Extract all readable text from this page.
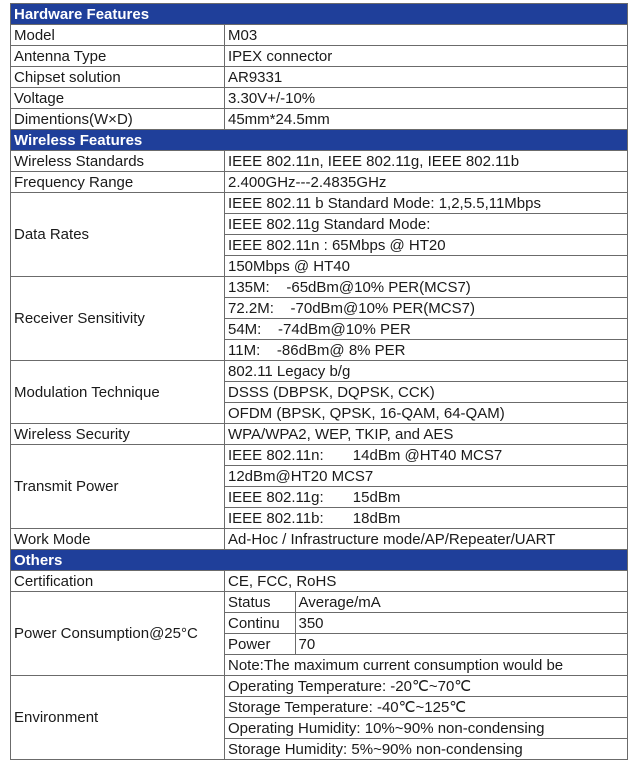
Hardware Features
Model	M03
Antenna Type	IPEX connector
Chipset solution	AR9331
Voltage	3.30V+/-10%
Dimentions(W×D)	45mm*24.5mm
Wireless Features
Wireless Standards	IEEE 802.11n, IEEE 802.11g, IEEE 802.11b
Frequency Range	2.400GHz---2.4835GHz
Data Rates	IEEE 802.11 b Standard Mode: 1,2,5.5,11Mbps
IEEE 802.11g Standard Mode:
IEEE 802.11n : 65Mbps @ HT20
150Mbps @ HT40
Receiver Sensitivity	135M:    -65dBm@10% PER(MCS7)
72.2M:    -70dBm@10% PER(MCS7)
54M:    -74dBm@10% PER
11M:    -86dBm@ 8% PER
Modulation Technique	802.11 Legacy b/g
DSSS (DBPSK, DQPSK, CCK)
OFDM (BPSK, QPSK, 16-QAM, 64-QAM)
Wireless Security	WPA/WPA2, WEP, TKIP, and AES
Transmit Power	IEEE 802.11n:       14dBm @HT40 MCS7
12dBm@HT20 MCS7
IEEE 802.11g:       15dBm
IEEE 802.11b:       18dBm
Work Mode	Ad-Hoc / Infrastructure mode/AP/Repeater/UART
Others
Certification	CE, FCC, RoHS
Power Consumption@25°C	
Status	Average/mA
Continu	350
Power	70

Note:The maximum current consumption would be
Environment	Operating Temperature: -20℃~70℃
Storage Temperature: -40℃~125℃
Operating Humidity: 10%~90% non-condensing
Storage Humidity: 5%~90% non-condensing
